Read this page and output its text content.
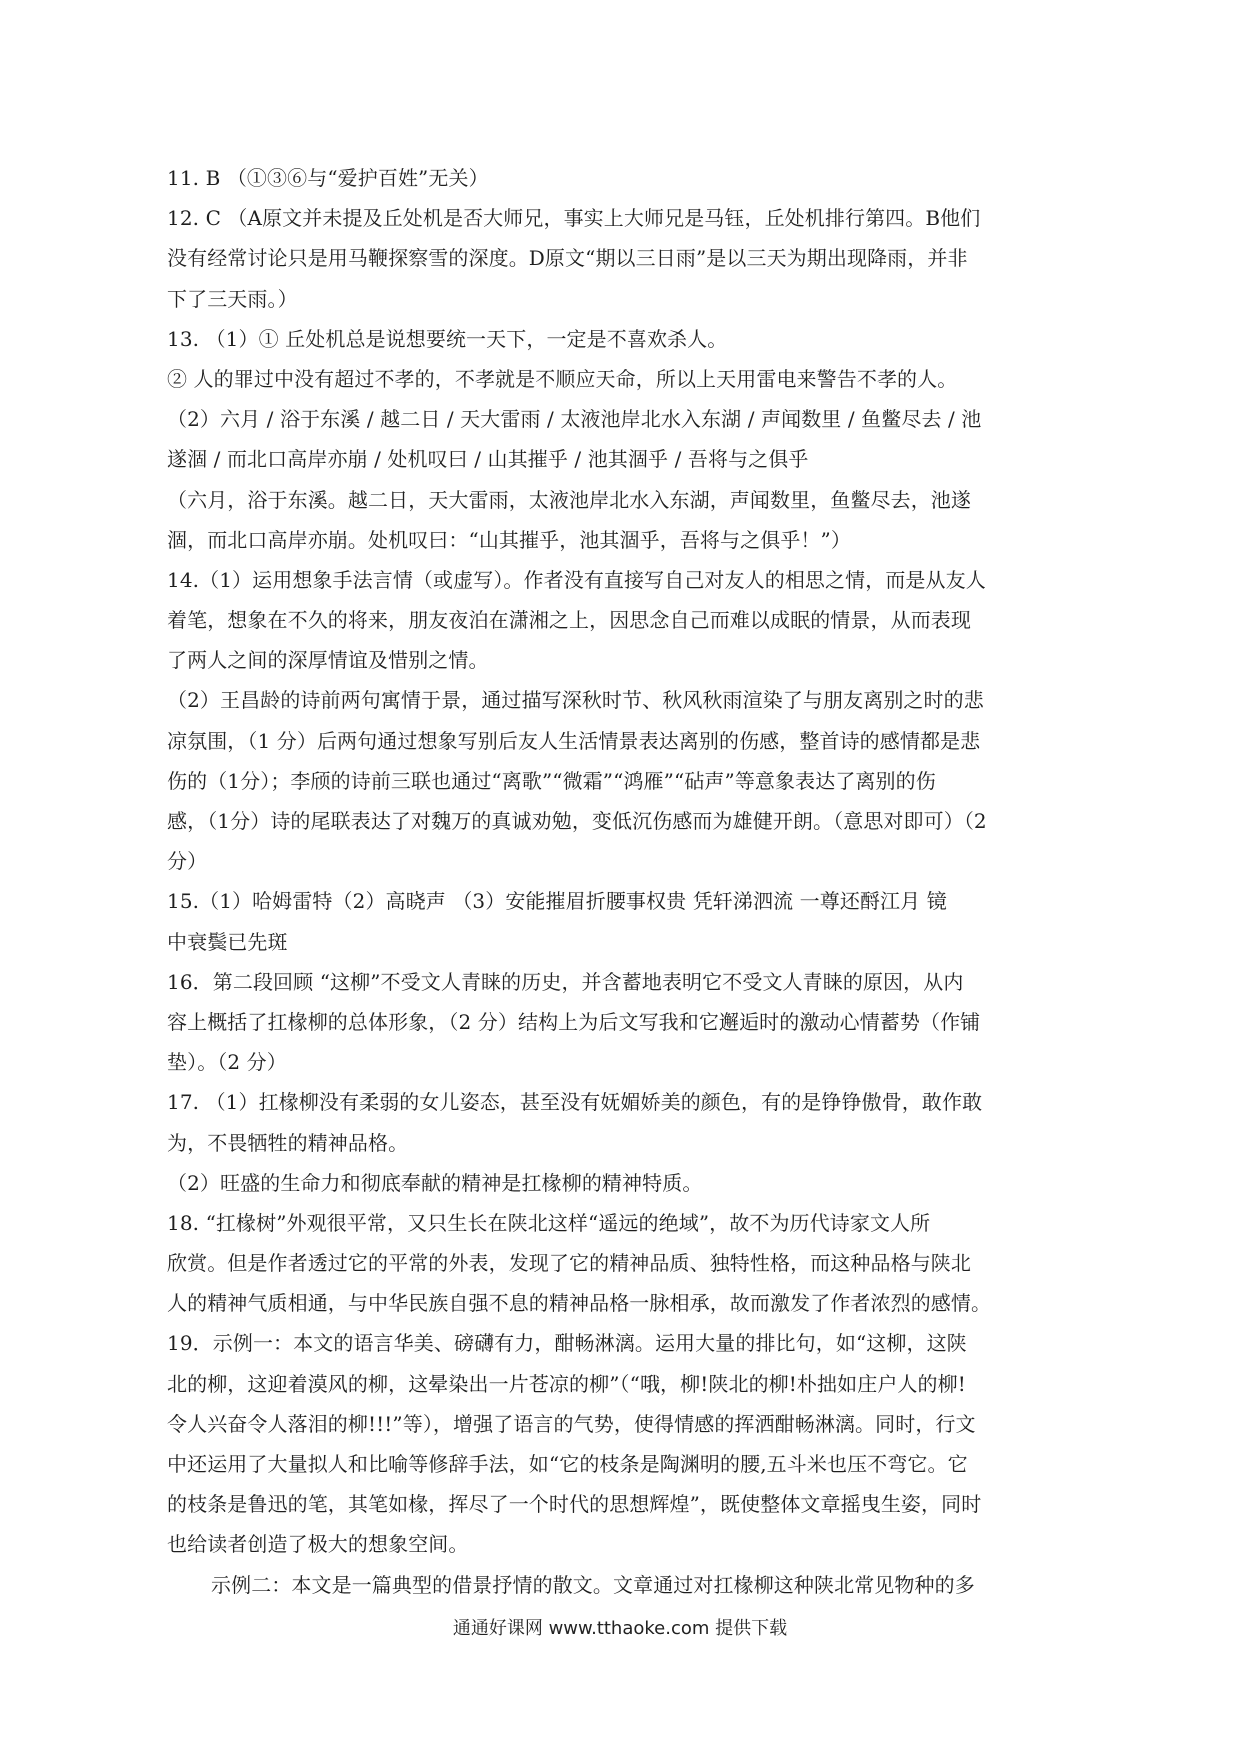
11. B （①③⑥与“爱护百姓”无关）
12. C （A原文并未提及丘处机是否大师兄，事实上大师兄是马钰，丘处机排行第四。B他们
没有经常讨论只是用马鞭探察雪的深度。D原文“期以三日雨”是以三天为期出现降雨，并非
下了三天雨。）
13. （1）① 丘处机总是说想要统一天下，一定是不喜欢杀人。
② 人的罪过中没有超过不孝的，不孝就是不顺应天命，所以上天用雷电来警告不孝的人。
（2）六月 / 浴于东溪 / 越二日 / 天大雷雨 / 太液池岸北水入东湖 / 声闻数里 / 鱼鳖尽去 / 池
遂涸 / 而北口高岸亦崩 / 处机叹曰 / 山其摧乎 / 池其涸乎 / 吾将与之俱乎
（六月，浴于东溪。越二日，天大雷雨，太液池岸北水入东湖，声闻数里，鱼鳖尽去，池遂
涸，而北口高岸亦崩。处机叹曰：“山其摧乎，池其涸乎，吾将与之俱乎！”）
14.（1）运用想象手法言情（或虚写）。作者没有直接写自己对友人的相思之情，而是从友人
着笔，想象在不久的将来，朋友夜泊在潇湘之上，因思念自己而难以成眠的情景，从而表现
了两人之间的深厚情谊及惜别之情。
（2）王昌龄的诗前两句寓情于景，通过描写深秋时节、秋风秋雨渲染了与朋友离别之时的悲
凉氛围，（1 分）后两句通过想象写别后友人生活情景表达离别的伤感，整首诗的感情都是悲
伤的（1分）；李颀的诗前三联也通过“离歌”“微霜”“鸿雁”“砧声”等意象表达了离别的伤
感，（1分）诗的尾联表达了对魏万的真诚劝勉，变低沉伤感而为雄健开朗。（意思对即可）（2
分）
15.（1）哈姆雷特（2）高晓声 （3）安能摧眉折腰事权贵 凭轩涕泗流 一尊还酹江月 镜
中衰鬓已先斑
16．第二段回顾 “这柳”不受文人青睐的历史，并含蓄地表明它不受文人青睐的原因，从内
容上概括了扛椽柳的总体形象，（2 分）结构上为后文写我和它邂逅时的激动心情蓄势（作铺
垫）。（2 分）
17. （1）扛椽柳没有柔弱的女儿姿态，甚至没有妩媚娇美的颜色，有的是铮铮傲骨，敢作敢
为，不畏牺牲的精神品格。
（2）旺盛的生命力和彻底奉献的精神是扛椽柳的精神特质。
18. “扛椽树”外观很平常，又只生长在陕北这样“遥远的绝域”，故不为历代诗家文人所
欣赏。但是作者透过它的平常的外表，发现了它的精神品质、独特性格，而这种品格与陕北
人的精神气质相通，与中华民族自强不息的精神品格一脉相承，故而激发了作者浓烈的感情。
19．示例一：本文的语言华美、磅礴有力，酣畅淋漓。运用大量的排比句，如“这柳，这陕
北的柳，这迎着漠风的柳，这晕染出一片苍凉的柳”（“哦，柳!陕北的柳!朴拙如庄户人的柳!
令人兴奋令人落泪的柳!!!”等），增强了语言的气势，使得情感的挥洒酣畅淋漓。同时，行文
中还运用了大量拟人和比喻等修辞手法，如“它的枝条是陶渊明的腰,五斗米也压不弯它。它
的枝条是鲁迅的笔，其笔如椽，挥尽了一个时代的思想辉煌”，既使整体文章摇曳生姿，同时
也给读者创造了极大的想象空间。
示例二：本文是一篇典型的借景抒情的散文。文章通过对扛椽柳这种陕北常见物种的多
通通好课网 www.tthaoke.com 提供下载
